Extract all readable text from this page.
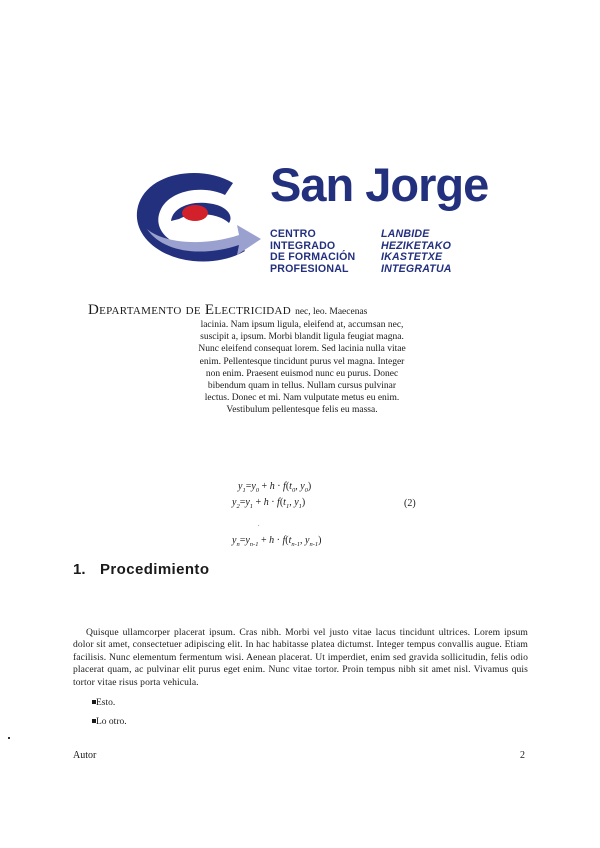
San Jorge
CENTRO
INTEGRADO
DE FORMACIÓN
PROFESIONAL
LANBIDE
HEZIKETAKO
IKASTETXE
INTEGRATUA
Departamento de Electricidad nec, leo. Maecenas
lacinia. Nam ipsum ligula, eleifend at, accumsan nec, suscipit a, ipsum. Morbi blandit ligula feugiat magna. Nunc eleifend consequat lorem. Sed lacinia nulla vitae enim. Pellentesque tincidunt purus vel magna. Integer non enim. Praesent euismod nunc eu purus. Donec bibendum quam in tellus. Nullam cursus pulvinar lectus. Donec et mi. Nam vulputate metus eu enim. Vestibulum pellentesque felis eu massa.
$y_1=y_0 + h \cdot f(t_0$, $y_0$)
$y_2=y_1 + h \cdot f(t_1$, $y_1$)	(2)
.
$y_n=y_{n-1} + h \cdot f(t_{n-1}$, $y_{n-1}$)
1. Procedimiento
Quisque ullamcorper placerat ipsum. Cras nibh. Morbi vel justo vitae lacus tincidunt ultrices. Lorem ipsum dolor sit amet, consectetuer adipiscing elit. In hac habitasse platea dictumst. Integer tempus convallis augue. Etiam facilisis. Nunc elementum fermentum wisi. Aenean placerat. Ut imperdiet, enim sed gravida sollicitudin, felis odio placerat quam, ac pulvinar elit purus eget enim. Nunc vitae tortor. Proin tempus nibh sit amet nisl. Vivamus quis tortor vitae risus porta vehicula.
Esto.
Lo otro.
Autor	2
